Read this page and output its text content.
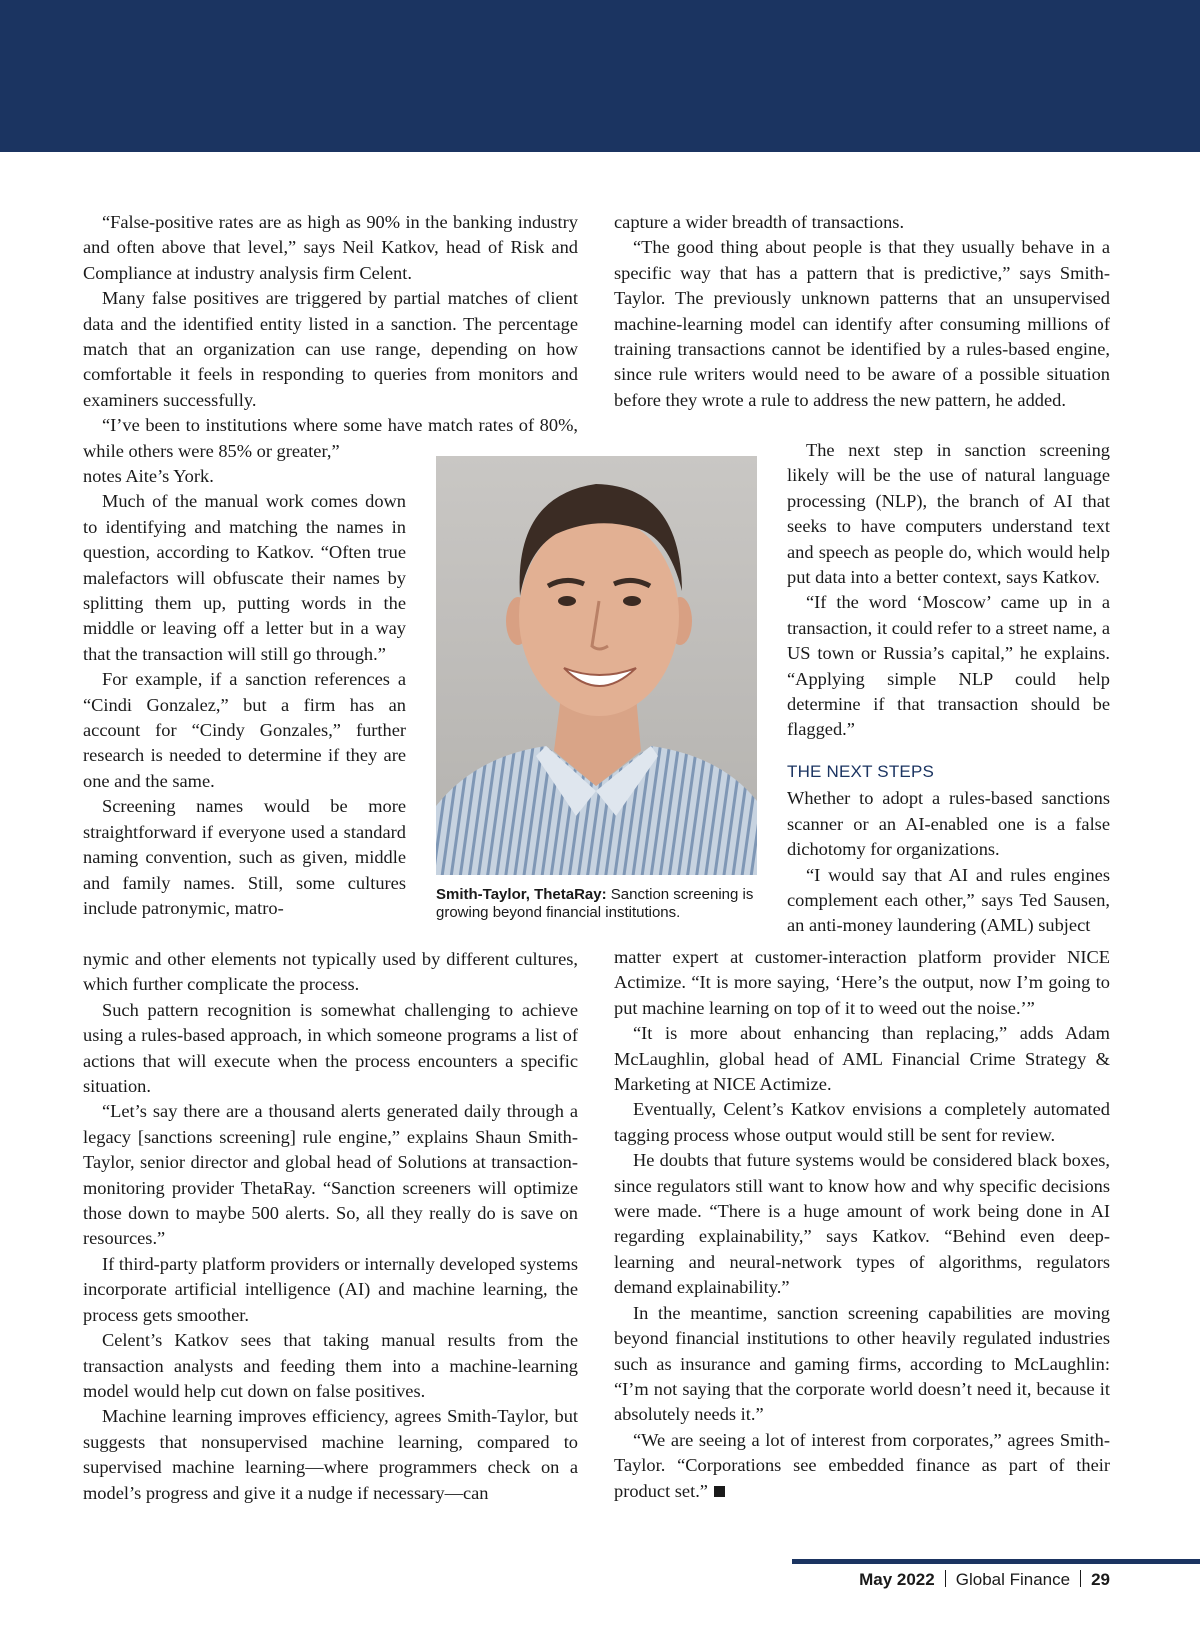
“False-positive rates are as high as 90% in the banking industry and often above that level,” says Neil Katkov, head of Risk and Compliance at industry analysis firm Celent.

Many false positives are triggered by partial matches of client data and the identified entity listed in a sanction. The percentage match that an organization can use range, depending on how comfortable it feels in responding to queries from monitors and examiners successfully.

“I’ve been to institutions where some have match rates of 80%, while others were 85% or greater,”

notes Aite’s York.

Much of the manual work comes down to identifying and matching the names in question, according to Katkov. “Often true malefactors will obfuscate their names by splitting them up, putting words in the middle or leaving off a letter but in a way that the transaction will still go through.”

For example, if a sanction references a “Cindi Gonzalez,” but a firm has an account for “Cindy Gonzales,” further research is needed to determine if they are one and the same.

Screening names would be more straightforward if everyone used a standard naming convention, such as given, middle and family names. Still, some cultures include patronymic, matro-

nymic and other elements not typically used by different cultures, which further complicate the process.

Such pattern recognition is somewhat challenging to achieve using a rules-based approach, in which someone programs a list of actions that will execute when the process encounters a specific situation.

“Let’s say there are a thousand alerts generated daily through a legacy [sanctions screening] rule engine,” explains Shaun Smith-Taylor, senior director and global head of Solutions at transaction-monitoring provider ThetaRay. “Sanction screeners will optimize those down to maybe 500 alerts. So, all they really do is save on resources.”

If third-party platform providers or internally developed systems incorporate artificial intelligence (AI) and machine learning, the process gets smoother.

Celent’s Katkov sees that taking manual results from the transaction analysts and feeding them into a machine-learning model would help cut down on false positives.

Machine learning improves efficiency, agrees Smith-Taylor, but suggests that nonsupervised machine learning, compared to supervised machine learning—where programmers check on a model’s progress and give it a nudge if necessary—can

capture a wider breadth of transactions.

“The good thing about people is that they usually behave in a specific way that has a pattern that is predictive,” says Smith-Taylor. The previously unknown patterns that an unsupervised machine-learning model can identify after consuming millions of training transactions cannot be identified by a rules-based engine, since rule writers would need to be aware of a possible situation before they wrote a rule to address the new pattern, he added.

The next step in sanction screening likely will be the use of natural language processing (NLP), the branch of AI that seeks to have computers understand text and speech as people do, which would help put data into a better context, says Katkov.

“If the word ‘Moscow’ came up in a transaction, it could refer to a street name, a US town or Russia’s capital,” he explains. “Applying simple NLP could help determine if that transaction should be flagged.”

THE NEXT STEPS

Whether to adopt a rules-based sanctions scanner or an AI-enabled one is a false dichotomy for organizations.

“I would say that AI and rules engines complement each other,” says Ted Sausen, an anti-money laundering (AML) subject

matter expert at customer-interaction platform provider NICE Actimize. “It is more saying, ‘Here’s the output, now I’m going to put machine learning on top of it to weed out the noise.’”

“It is more about enhancing than replacing,” adds Adam McLaughlin, global head of AML Financial Crime Strategy & Marketing at NICE Actimize.

Eventually, Celent’s Katkov envisions a completely automated tagging process whose output would still be sent for review.

He doubts that future systems would be considered black boxes, since regulators still want to know how and why specific decisions were made. “There is a huge amount of work being done in AI regarding explainability,” says Katkov. “Behind even deep-learning and neural-network types of algorithms, regulators demand explainability.”

In the meantime, sanction screening capabilities are moving beyond financial institutions to other heavily regulated industries such as insurance and gaming firms, according to McLaughlin: “I’m not saying that the corporate world doesn’t need it, because it absolutely needs it.”

“We are seeing a lot of interest from corporates,” agrees Smith-Taylor. “Corporations see embedded finance as part of their product set.”

Smith-Taylor, ThetaRay: Sanction screening is growing beyond financial institutions.
May 2022 Global Finance 29
